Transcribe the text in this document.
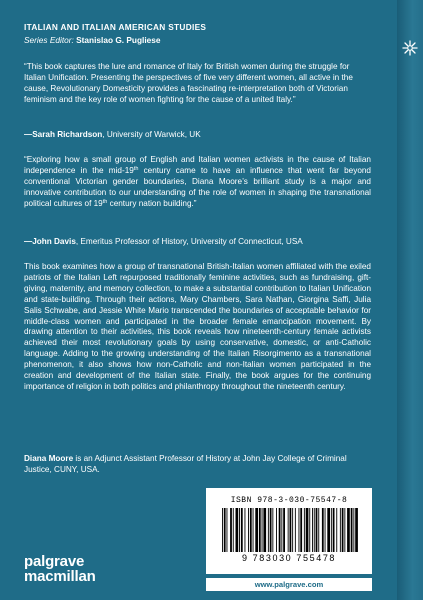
ITALIAN AND ITALIAN AMERICAN STUDIES
Series Editor: Stanislao G. Pugliese
“This book captures the lure and romance of Italy for British women during the struggle for Italian Unification. Presenting the perspectives of five very different women, all active in the cause, Revolutionary Domesticity provides a fascinating re-interpretation both of Victorian feminism and the key role of women fighting for the cause of a united Italy.”
—Sarah Richardson, University of Warwick, UK
“Exploring how a small group of English and Italian women activists in the cause of Italian independence in the mid-19th century came to have an influence that went far beyond conventional Victorian gender boundaries, Diana Moore’s brilliant study is a major and innovative contribution to our understanding of the role of women in shaping the transnational political cultures of 19th century nation building.”
—John Davis, Emeritus Professor of History, University of Connecticut, USA
This book examines how a group of transnational British-Italian women affiliated with the exiled patriots of the Italian Left repurposed traditionally feminine activities, such as fundraising, gift-giving, maternity, and memory collection, to make a substantial contribution to Italian Unification and state-building. Through their actions, Mary Chambers, Sara Nathan, Giorgina Saffi, Julia Salis Schwabe, and Jessie White Mario transcended the boundaries of acceptable behavior for middle-class women and participated in the broader female emancipation movement. By drawing attention to their activities, this book reveals how nineteenth-century female activists achieved their most revolutionary goals by using conservative, domestic, or anti-Catholic language. Adding to the growing understanding of the Italian Risorgimento as a transnational phenomenon, it also shows how non-Catholic and non-Italian women participated in the creation and development of the Italian state. Finally, the book argues for the continuing importance of religion in both politics and philanthropy throughout the nineteenth century.
Diana Moore is an Adjunct Assistant Professor of History at John Jay College of Criminal Justice, CUNY, USA.
ISBN 978-3-030-75547-8
9 783030 755478
www.palgrave.com
palgrave
macmillan
